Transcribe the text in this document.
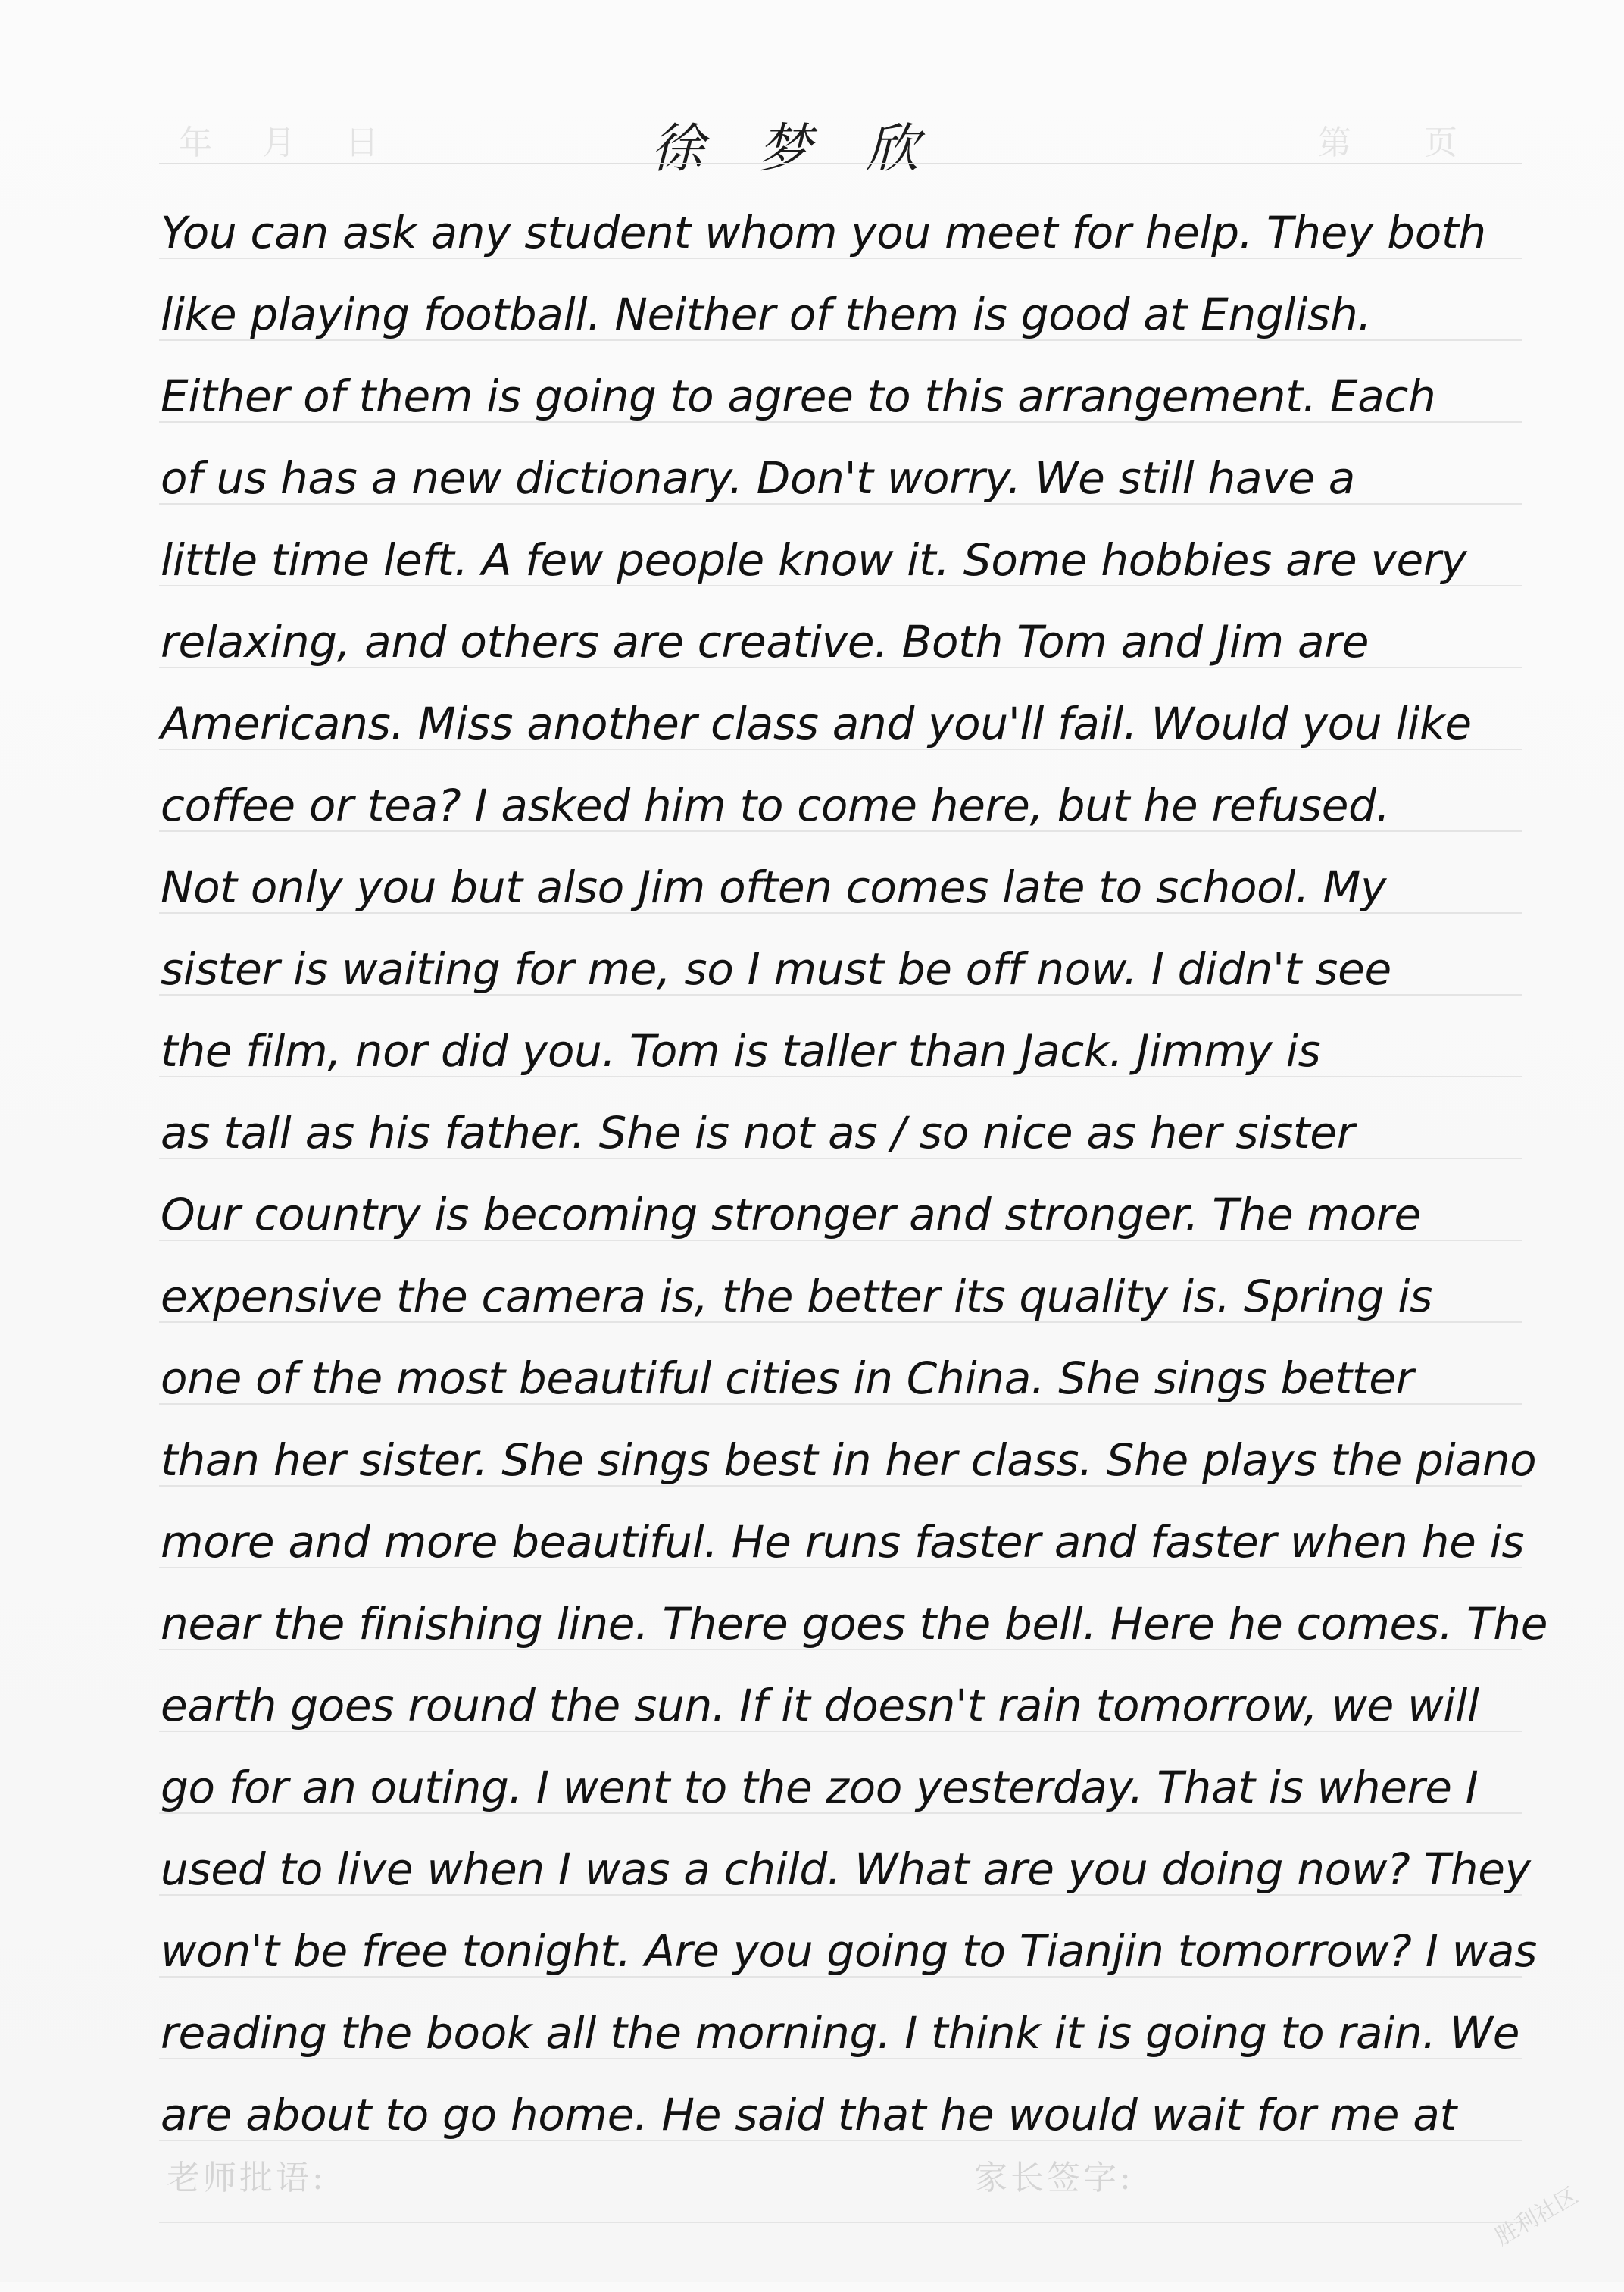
年 月 日	徐梦欣	第 页
You can ask any student whom you meet for help. They both
like playing football. Neither of them is good at English.
Either of them is going to agree to this arrangement. Each
of us has a new dictionary. Don't worry. We still have a
little time left. A few people know it. Some hobbies are very
relaxing, and others are creative. Both Tom and Jim are
Americans. Miss another class and you'll fail. Would you like
coffee or tea? I asked him to come here, but he refused.
Not only you but also Jim often comes late to school. My
sister is waiting for me, so I must be off now. I didn't see
the film, nor did you. Tom is taller than Jack. Jimmy is
as tall as his father. She is not as / so nice as her sister
Our country is becoming stronger and stronger. The more
expensive the camera is, the better its quality is. Spring is
one of the most beautiful cities in China. She sings better
than her sister. She sings best in her class. She plays the piano
more and more beautiful. He runs faster and faster when he is
near the finishing line. There goes the bell. Here he comes. The
earth goes round the sun. If it doesn't rain tomorrow, we will
go for an outing. I went to the zoo yesterday. That is where I
used to live when I was a child. What are you doing now? They
won't be free tonight. Are you going to Tianjin tomorrow? I was
reading the book all the morning. I think it is going to rain. We
are about to go home. He said that he would wait for me at
老师批语:	家长签字:
胜利社区
